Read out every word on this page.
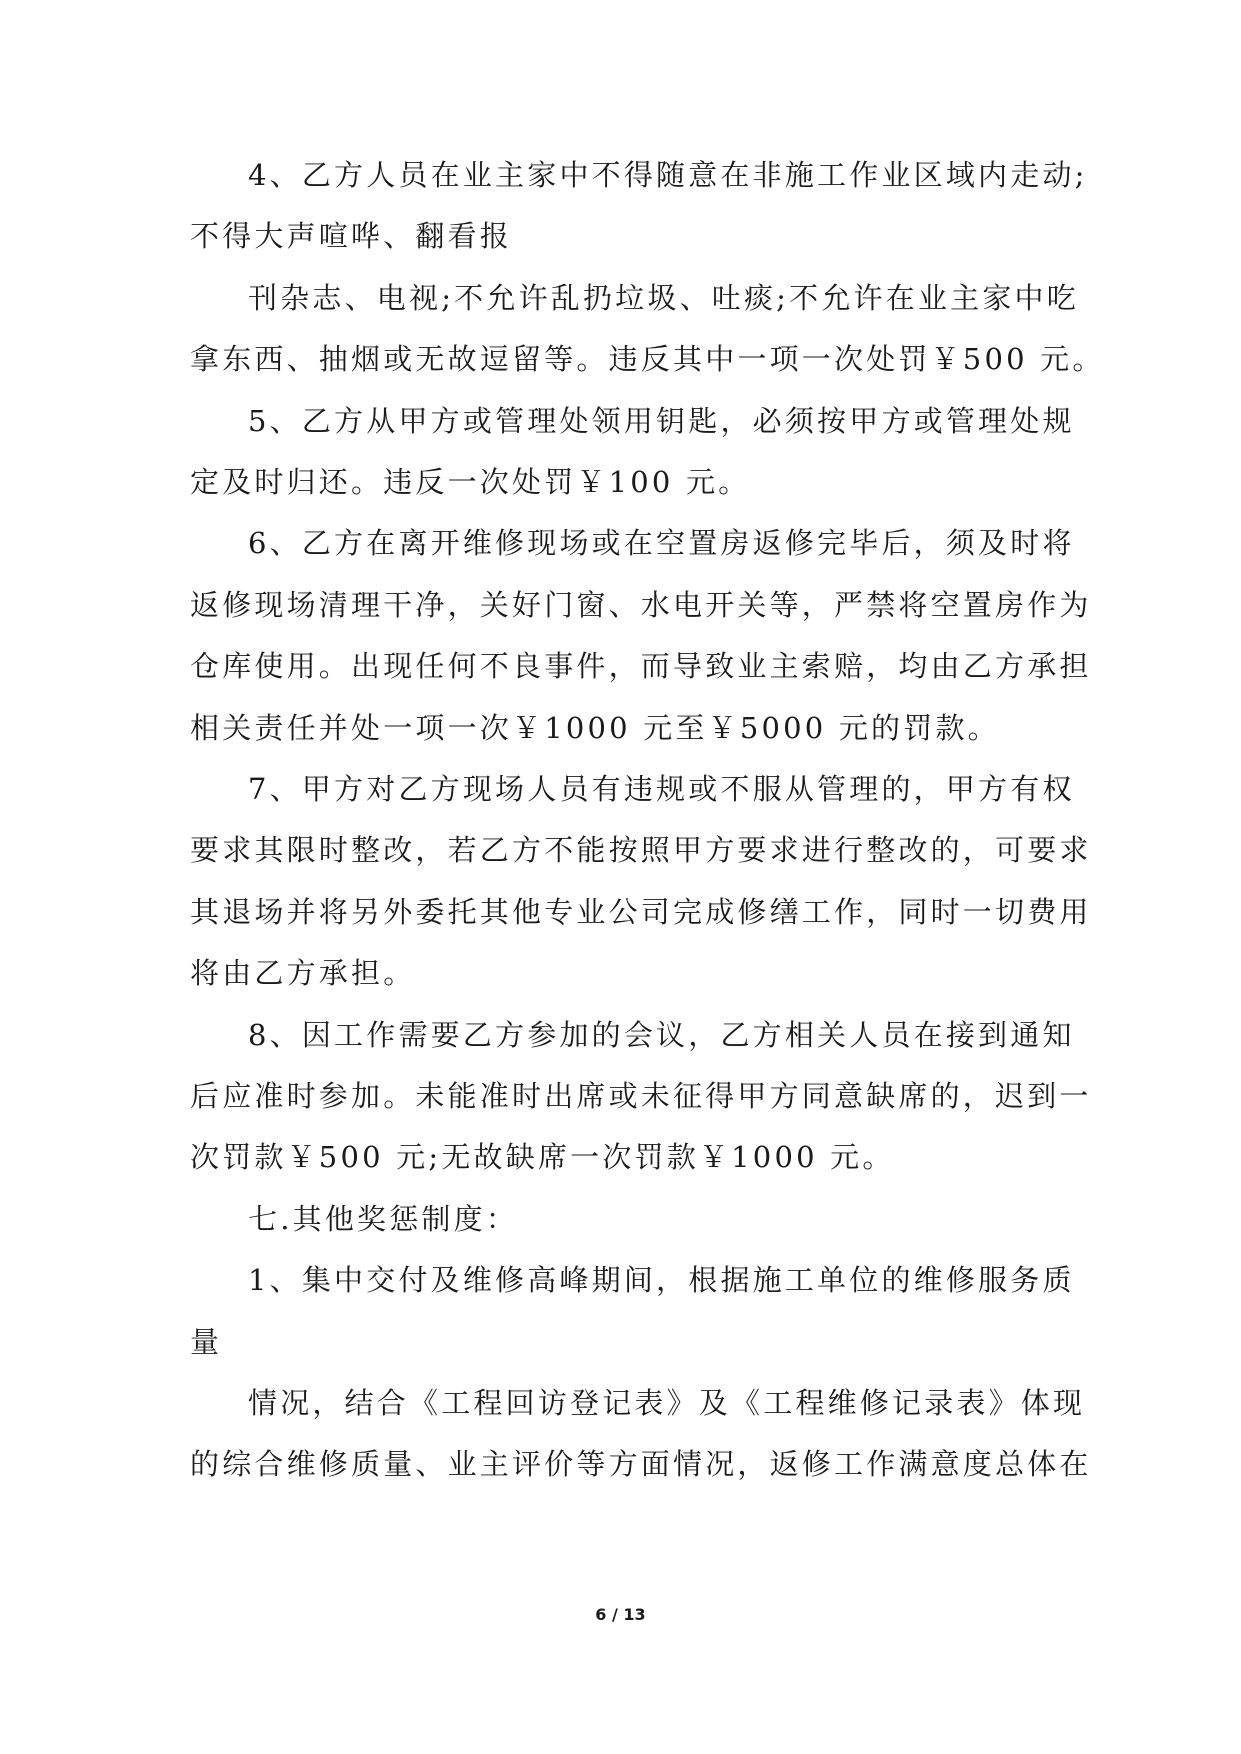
4、乙方人员在业主家中不得随意在非施工作业区域内走动;
不得大声喧哗、翻看报
刊杂志、电视;不允许乱扔垃圾、吐痰;不允许在业主家中吃
拿东西、抽烟或无故逗留等。违反其中一项一次处罚￥500 元。
5、乙方从甲方或管理处领用钥匙，必须按甲方或管理处规
定及时归还。违反一次处罚￥100 元。
6、乙方在离开维修现场或在空置房返修完毕后，须及时将
返修现场清理干净，关好门窗、水电开关等，严禁将空置房作为
仓库使用。出现任何不良事件，而导致业主索赔，均由乙方承担
相关责任并处一项一次￥1000 元至￥5000 元的罚款。
7、甲方对乙方现场人员有违规或不服从管理的，甲方有权
要求其限时整改，若乙方不能按照甲方要求进行整改的，可要求
其退场并将另外委托其他专业公司完成修缮工作，同时一切费用
将由乙方承担。
8、因工作需要乙方参加的会议，乙方相关人员在接到通知
后应准时参加。未能准时出席或未征得甲方同意缺席的，迟到一
次罚款￥500 元;无故缺席一次罚款￥1000 元。
七.其他奖惩制度：
1、集中交付及维修高峰期间，根据施工单位的维修服务质
量
情况，结合《工程回访登记表》及《工程维修记录表》体现
的综合维修质量、业主评价等方面情况，返修工作满意度总体在
6 / 13
